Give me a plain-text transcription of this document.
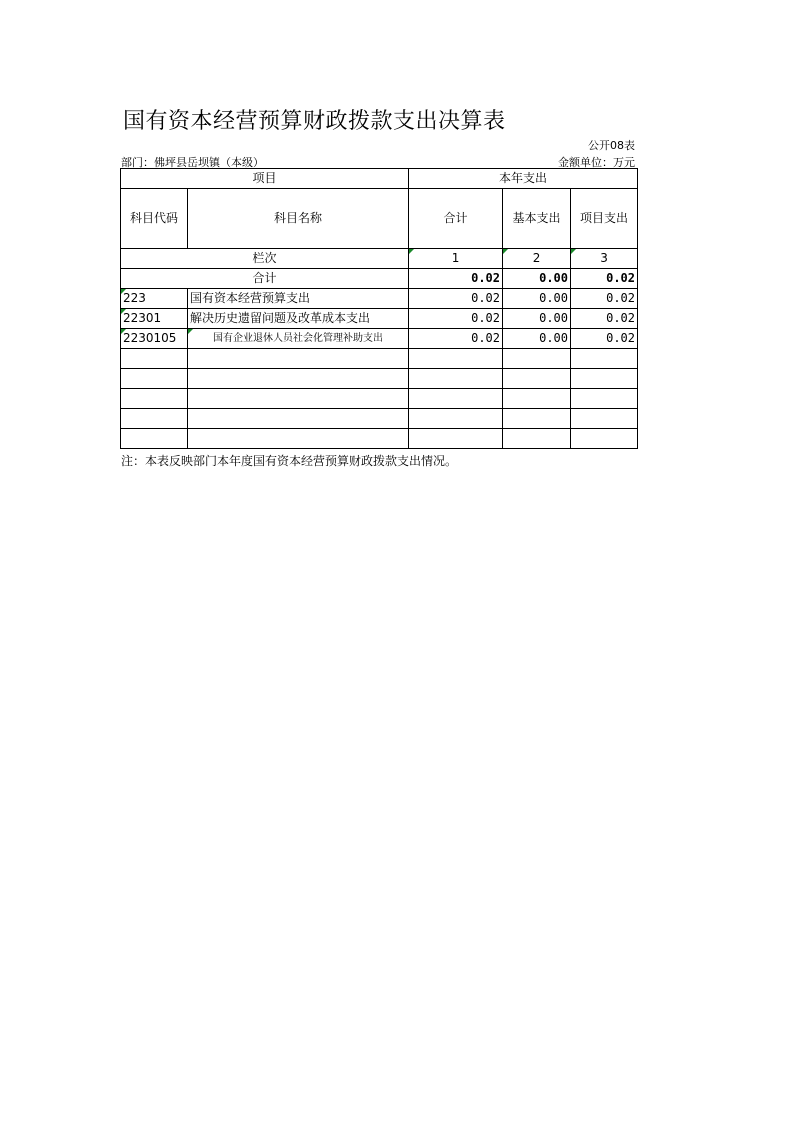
国有资本经营预算财政拨款支出决算表
公开08表
部门：佛坪县岳坝镇（本级）	金额单位：万元
项目		本年支出		
科目代码	科目名称	合计	基本支出	项目支出
栏次		1	2	3
合计		0.02	0.00	0.02
223	国有资本经营预算支出	0.02	0.00	0.02
22301	解决历史遗留问题及改革成本支出	0.02	0.00	0.02
2230105	国有企业退休人员社会化管理补助支出	0.02	0.00	0.02

注：本表反映部门本年度国有资本经营预算财政拨款支出情况。
